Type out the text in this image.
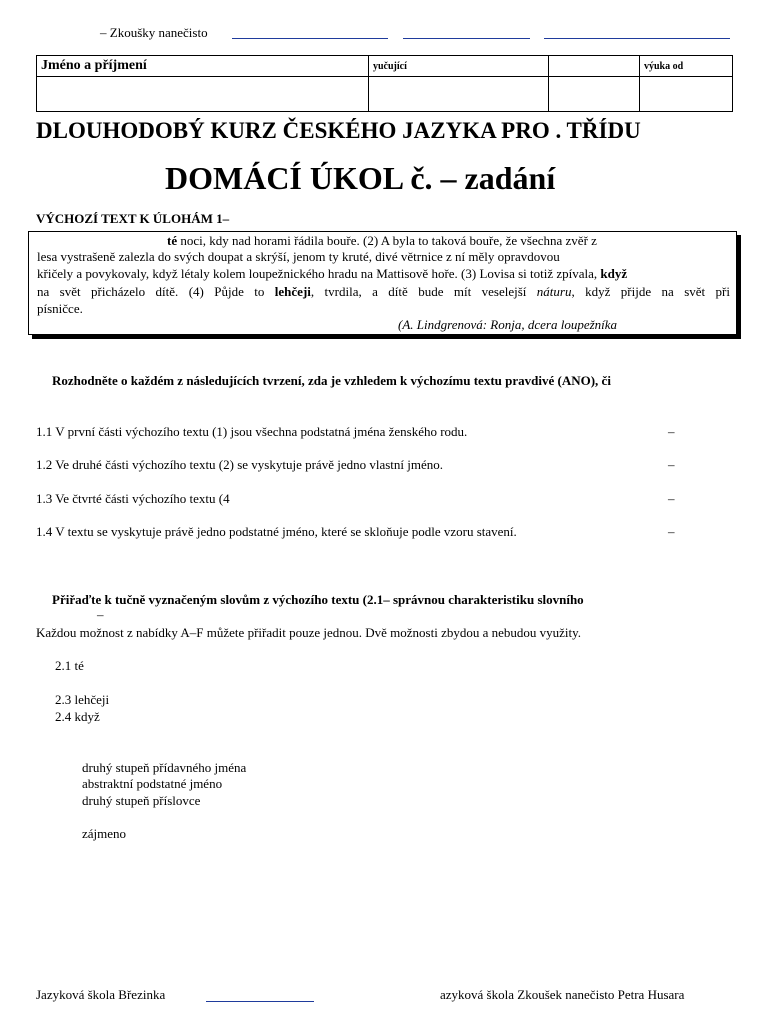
– Zkoušky nanečisto
Jméno a příjmení	yučující		výuka od

DLOUHODOBÝ KURZ ČESKÉHO JAZYKA PRO . TŘÍDU
DOMÁCÍ ÚKOL č. – zadání
VÝCHOZÍ TEXT K ÚLOHÁM 1–
té noci, kdy nad horami řádila bouře. (2) A byla to taková bouře, že všechna zvěř z
lesa vystrašeně zalezla do svých doupat a skrýší, jenom ty kruté, divé větrnice z ní měly opravdovou
křičely a povykovaly, když létaly kolem loupežnického hradu na Mattisově hoře. (3) Lovisa si totiž zpívala, když
na svět přicházelo dítě. (4) Půjde to lehčeji, tvrdila, a dítě bude mít veselejší náturu, když přijde na svět při
písničce.
(A. Lindgrenová: Ronja, dcera loupežníka
Rozhodněte o každém z následujících tvrzení, zda je vzhledem k výchozímu textu pravdivé (ANO), či
1.1 V první části výchozího textu (1) jsou všechna podstatná jména ženského rodu.	–
1.2 Ve druhé části výchozího textu (2) se vyskytuje právě jedno vlastní jméno.	–
1.3 Ve čtvrté části výchozího textu (4	–
1.4 V textu se vyskytuje právě jedno podstatné jméno, které se skloňuje podle vzoru stavení.	–
Přiřaďte k tučně vyznačeným slovům z výchozího textu (2.1– správnou charakteristiku slovního
–
Každou možnost z nabídky A–F můžete přiřadit pouze jednou. Dvě možnosti zbydou a nebudou využity.
2.1 té
2.3 lehčeji
2.4 když
druhý stupeň přídavného jména
abstraktní podstatné jméno
druhý stupeň příslovce
zájmeno
Jazyková škola Březinka	azyková škola Zkoušek nanečisto Petra Husara
